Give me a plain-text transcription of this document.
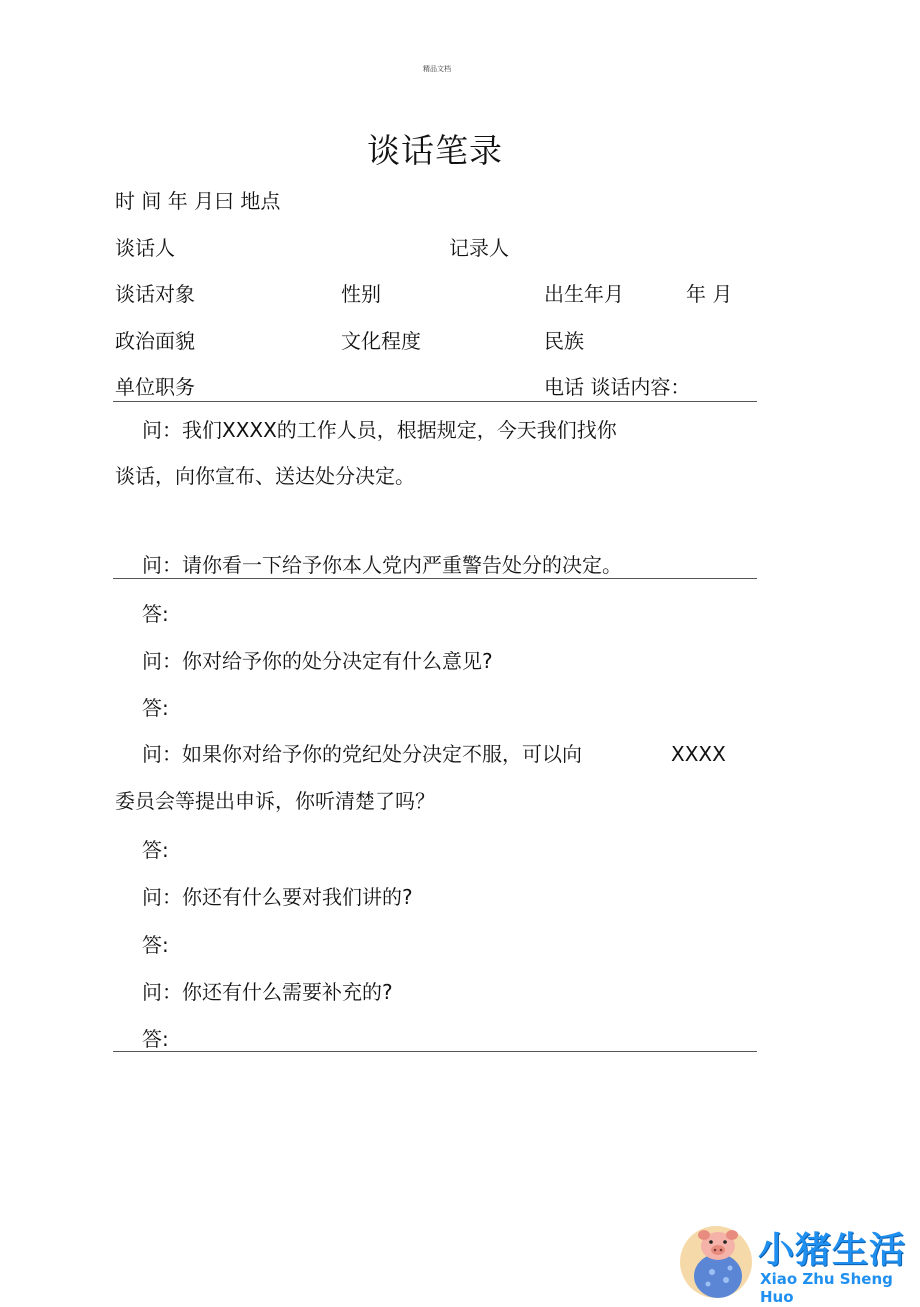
精品文档
谈话笔录
时 间 年 月曰 地点
谈话人	记录人
谈话对象	性别	出生年月	年 月
政治面貌	文化程度	民族
单位职务	电话 谈话内容：
问：我们XXXX的工作人员，根据规定，今天我们找你
谈话，向你宣布、送达处分决定。
问：请你看一下给予你本人党内严重警告处分的决定。
答:
问：你对给予你的处分决定有什么意见?
答:
问：如果你对给予你的党纪处分决定不服，可以向	XXXX
委员会等提出申诉，你听清楚了吗？
答:
问：你还有什么要对我们讲的?
答:
问：你还有什么需要补充的?
答:
小猪生活
Xiao Zhu Sheng Huo
